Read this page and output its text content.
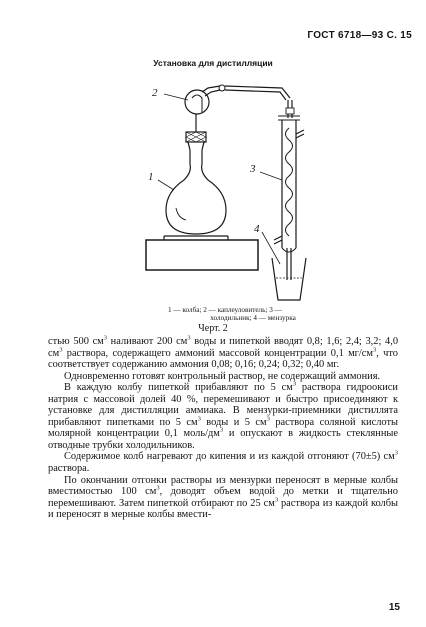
ГОСТ 6718—93 С. 15
Установка для дистилляции
2
1
3
4
1 — колба; 2 — каплеуловитель; 3 —
холодильник; 4 — мензурка
Черт. 2

стью 500 $см^3$ наливают 200 $см^3$ воды и пипеткой вводят 0,8; 1,6; 2,4; 3,2; 4,0 $см^3$ раствора, содержащего аммоний массовой концентрации 0,1 $мг/см^3$, что соответствует содержанию аммония 0,08; 0,16; 0,24; 0,32; 0,40 мг.

Одновременно готовят контрольный раствор, не содержащий аммония.

В каждую колбу пипеткой прибавляют по 5 $см^3$ раствора гидроокиси натрия с массовой долей 40 %, перемешивают и быстро присоединяют к установке для дистилляции аммиака. В мензурки-приемники дистиллята прибавляют пипетками по 5 $см^3$ воды и 5 $см^3$ раствора соляной кислоты молярной концентрации 0,1 моль/$дм^3$ и опускают в жидкость стеклянные отводные трубки холодильников.

Содержимое колб нагревают до кипения и из каждой отгоняют (70±5) $см^3$ раствора.

По окончании отгонки растворы из мензурки переносят в мерные колбы вместимостью 100 $см^3$, доводят объем водой до метки и тщательно перемешивают. Затем пипеткой отбирают по 25 $см^3$ раствора из каждой колбы и переносят в мерные колбы вмести-

15
